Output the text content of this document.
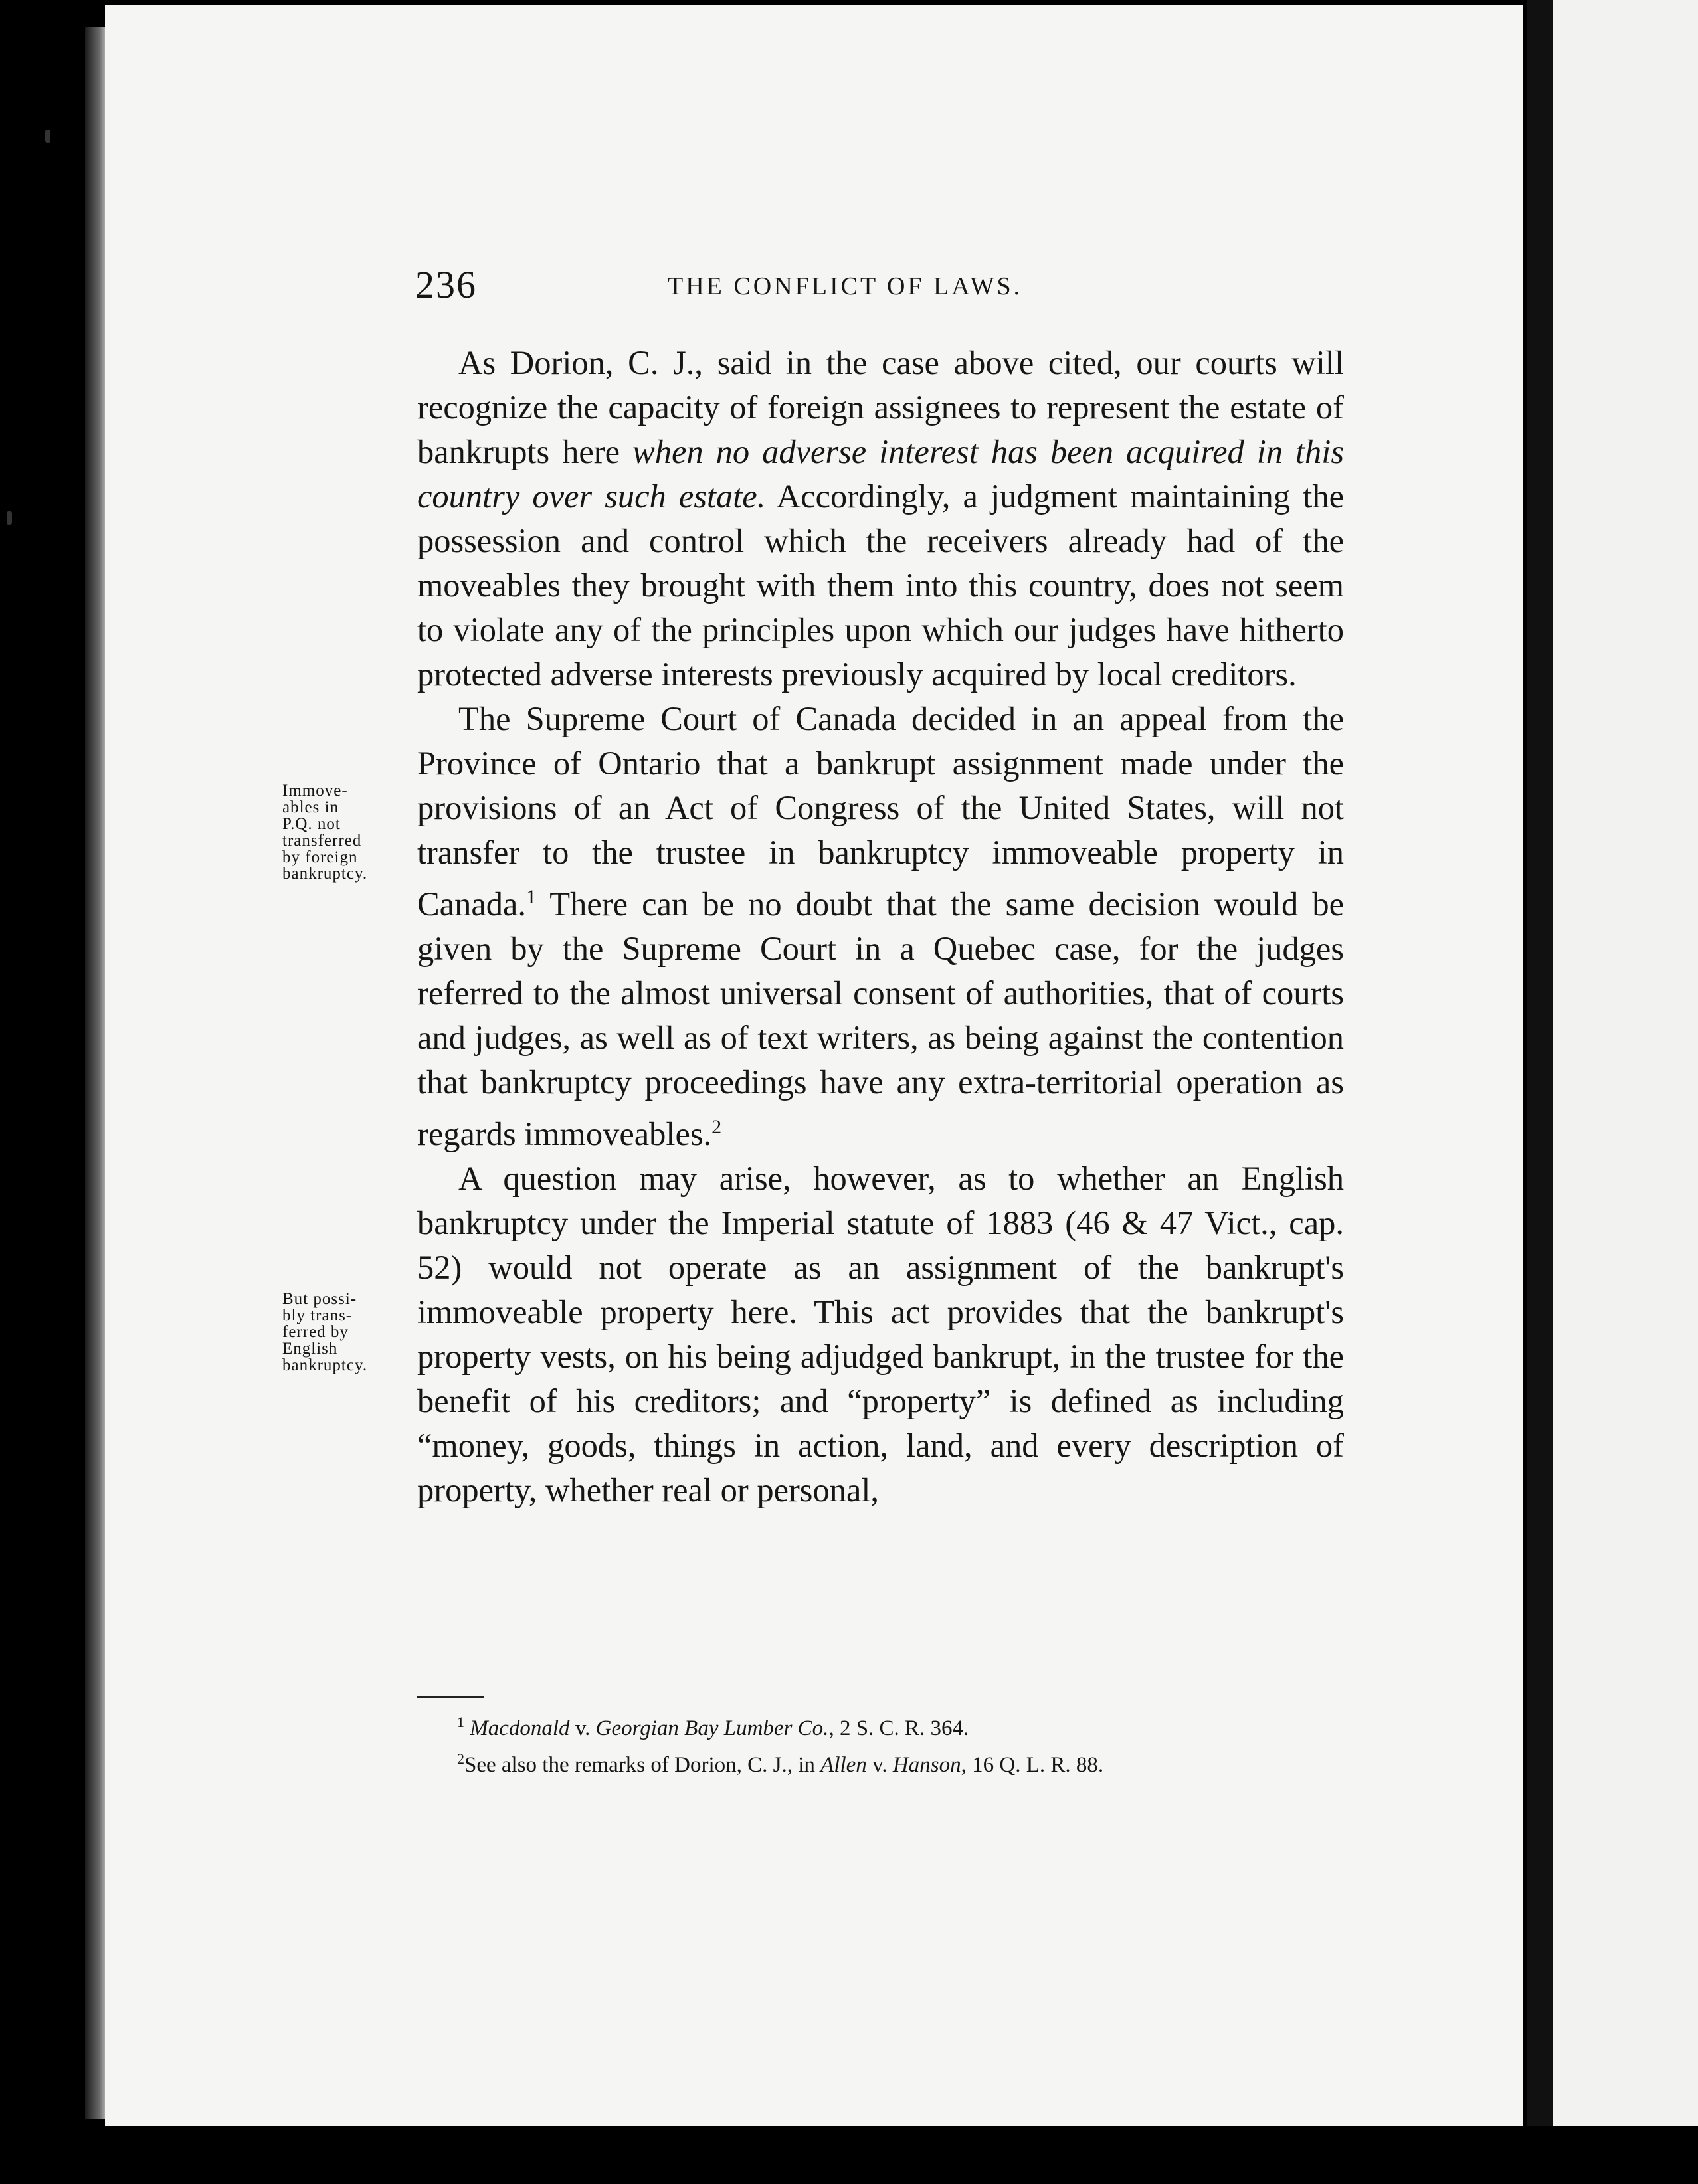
236	THE CONFLICT OF LAWS.

As Dorion, C. J., said in the case above cited, our courts will recognize the capacity of foreign assignees to represent the estate of bankrupts here when no adverse interest has been acquired in this country over such estate. Accordingly, a judgment maintaining the possession and control which the receivers already had of the moveables they brought with them into this country, does not seem to violate any of the principles upon which our judges have hitherto protected adverse interests previously acquired by local creditors.

The Supreme Court of Canada decided in an appeal from the Province of Ontario that a bankrupt assignment made under the provisions of an Act of Congress of the United States, will not transfer to the trustee in bankruptcy immoveable property in Canada.$^1$ There can be no doubt that the same decision would be given by the Supreme Court in a Quebec case, for the judges referred to the almost universal consent of authorities, that of courts and judges, as well as of text writers, as being against the contention that bankruptcy proceedings have any extra-territorial operation as regards immoveables.$^2$

A question may arise, however, as to whether an English bankruptcy under the Imperial statute of 1883 (46 & 47 Vict., cap. 52) would not operate as an assignment of the bankrupt's immoveable property here. This act provides that the bankrupt's property vests, on his being adjudged bankrupt, in the trustee for the benefit of his creditors; and “property” is defined as including “money, goods, things in action, land, and every description of property, whether real or personal,

Immove-
ables in
P.Q. not
transferred
by foreign
bankruptcy.
But possi-
bly trans-
ferred by
English
bankruptcy.

$^1$ Macdonald v. Georgian Bay Lumber Co., 2 S. C. R. 364.

$^2$See also the remarks of Dorion, C. J., in Allen v. Hanson, 16 Q. L. R. 88.
